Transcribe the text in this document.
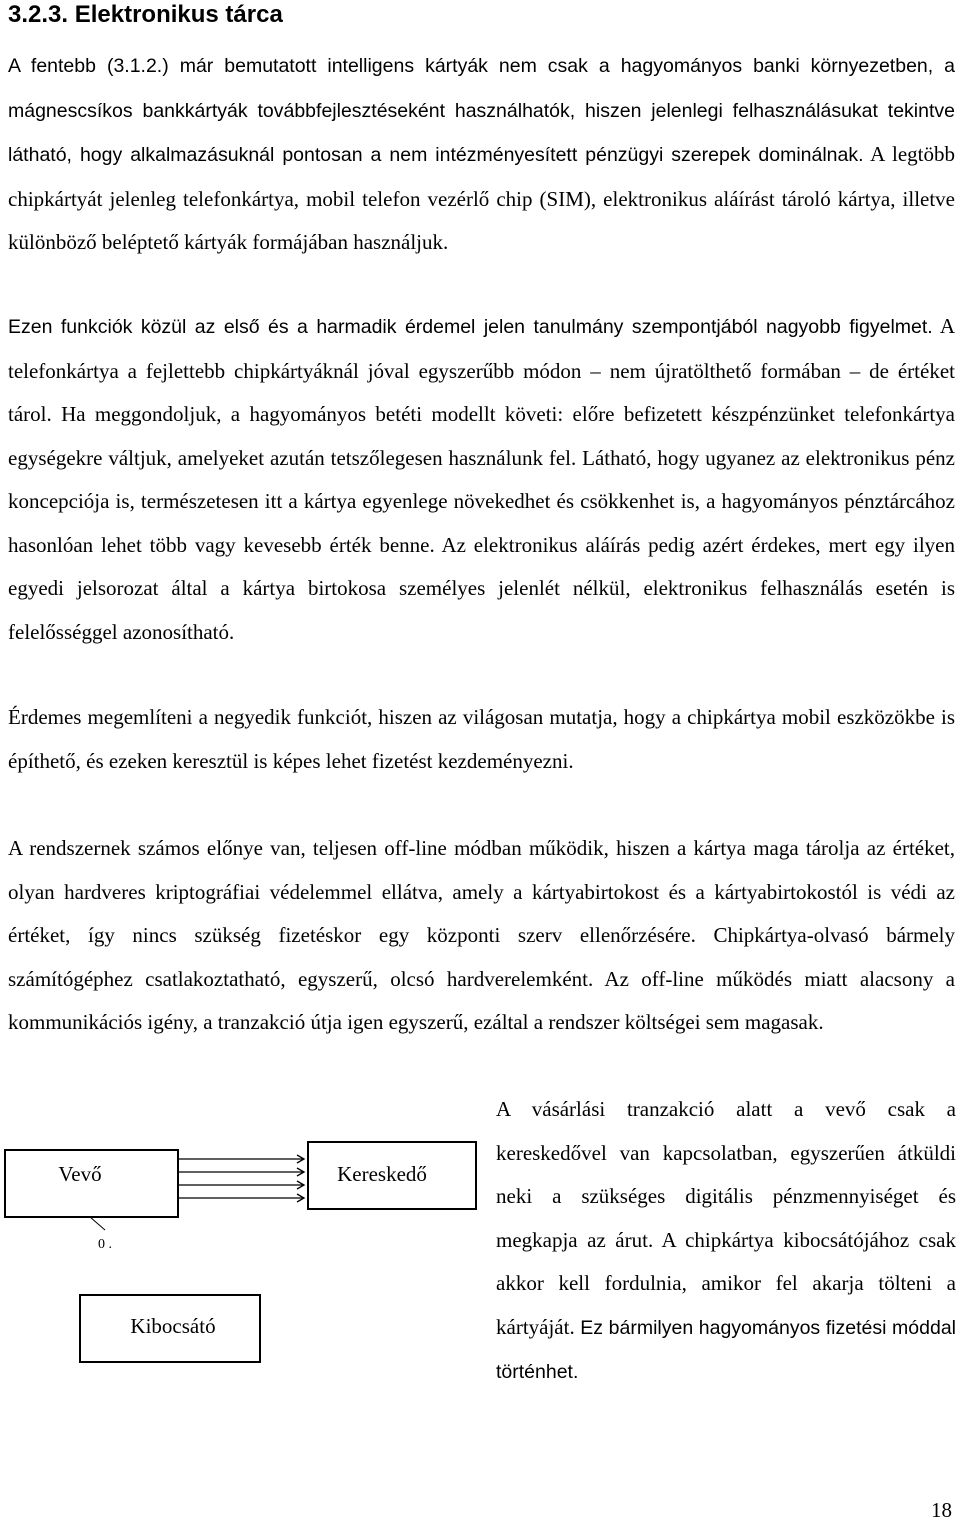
3.2.3. Elektronikus tárca

A fentebb (3.1.2.) már bemutatott intelligens kártyák nem csak a hagyományos banki környezetben, a mágnescsíkos bankkártyák továbbfejlesztéseként használhatók, hiszen jelenlegi felhasználásukat tekintve látható, hogy alkalmazásuknál pontosan a nem intézményesített pénzügyi szerepek dominálnak. A legtöbb chipkártyát jelenleg telefonkártya, mobil telefon vezérlő chip (SIM), elektronikus aláírást tároló kártya, illetve különböző beléptető kártyák formájában használjuk.

Ezen funkciók közül az első és a harmadik érdemel jelen tanulmány szempontjából nagyobb figyelmet. A telefonkártya a fejlettebb chipkártyáknál jóval egyszerűbb módon – nem újratölthető formában – de értéket tárol. Ha meggondoljuk, a hagyományos betéti modellt követi: előre befizetett készpénzünket telefonkártya egységekre váltjuk, amelyeket azután tetszőlegesen használunk fel. Látható, hogy ugyanez az elektronikus pénz koncepciója is, természetesen itt a kártya egyenlege növekedhet és csökkenhet is, a hagyományos pénztárcához hasonlóan lehet több vagy kevesebb érték benne. Az elektronikus aláírás pedig azért érdekes, mert egy ilyen egyedi jelsorozat által a kártya birtokosa személyes jelenlét nélkül, elektronikus felhasználás esetén is felelősséggel azonosítható.

Érdemes megemlíteni a negyedik funkciót, hiszen az világosan mutatja, hogy a chipkártya mobil eszközökbe is építhető, és ezeken keresztül is képes lehet fizetést kezdeményezni.

A rendszernek számos előnye van, teljesen off-line módban működik, hiszen a kártya maga tárolja az értéket, olyan hardveres kriptográfiai védelemmel ellátva, amely a kártyabirtokost és a kártyabirtokostól is védi az értéket, így nincs szükség fizetéskor egy központi szerv ellenőrzésére. Chipkártya-olvasó bármely számítógéphez csatlakoztatható, egyszerű, olcsó hardverelemként. Az off-line működés miatt alacsony a kommunikációs igény, a tranzakció útja igen egyszerű, ezáltal a rendszer költségei sem magasak.

Vevő	Kereskedő
Kibocsátó
0 .

A vásárlási tranzakció alatt a vevő csak a kereskedővel van kapcsolatban, egyszerűen átküldi neki a szükséges digitális pénzmennyiséget és megkapja az árut. A chipkártya kibocsátójához csak akkor kell fordulnia, amikor fel akarja tölteni a kártyáját. Ez bármilyen hagyományos fizetési móddal történhet.

18
